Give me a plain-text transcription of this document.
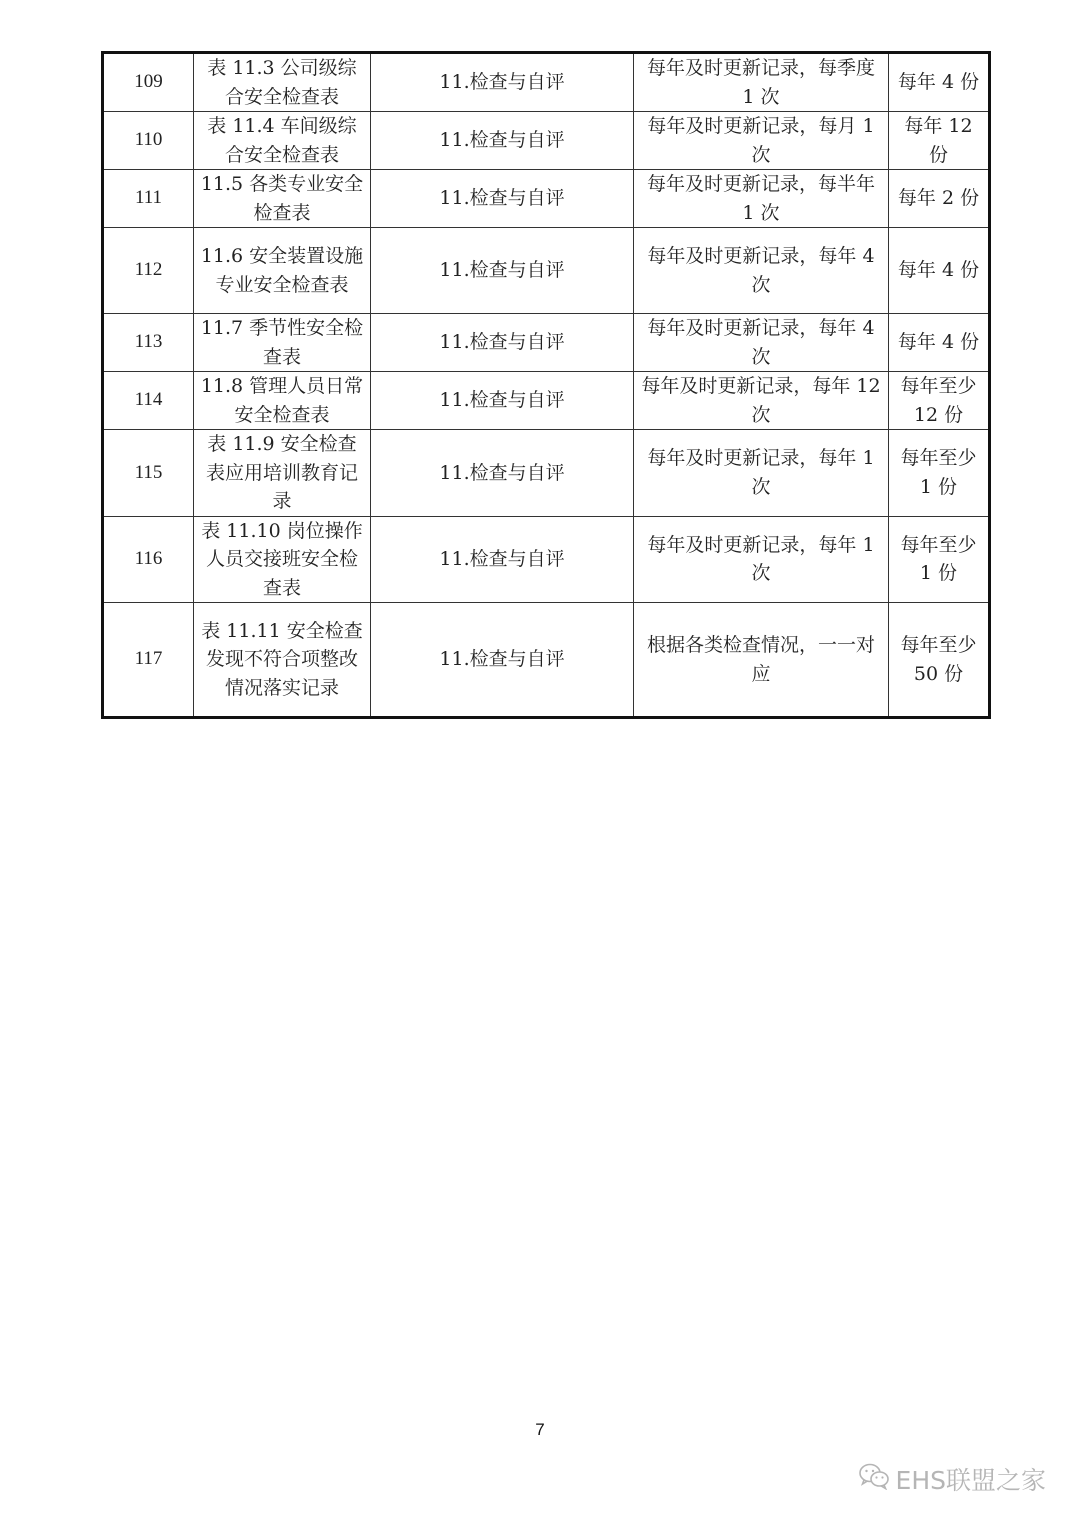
109	表 11.3 公司级综合安全检查表	11.检查与自评	每年及时更新记录，每季度 1 次	每年 4 份
110	表 11.4 车间级综合安全检查表	11.检查与自评	每年及时更新记录，每月 1 次	每年 12 份
111	11.5 各类专业安全检查表	11.检查与自评	每年及时更新记录，每半年 1 次	每年 2 份
112	11.6 安全装置设施专业安全检查表	11.检查与自评	每年及时更新记录，每年 4 次	每年 4 份
113	11.7 季节性安全检查表	11.检查与自评	每年及时更新记录，每年 4 次	每年 4 份
114	11.8 管理人员日常安全检查表	11.检查与自评	每年及时更新记录，每年 12 次	每年至少 12 份
115	表 11.9 安全检查表应用培训教育记录	11.检查与自评	每年及时更新记录，每年 1 次	每年至少 1 份
116	表 11.10 岗位操作人员交接班安全检查表	11.检查与自评	每年及时更新记录，每年 1 次	每年至少 1 份
117	表 11.11 安全检查发现不符合项整改情况落实记录	11.检查与自评	根据各类检查情况，一一对应	每年至少 50 份
7
EHS联盟之家
